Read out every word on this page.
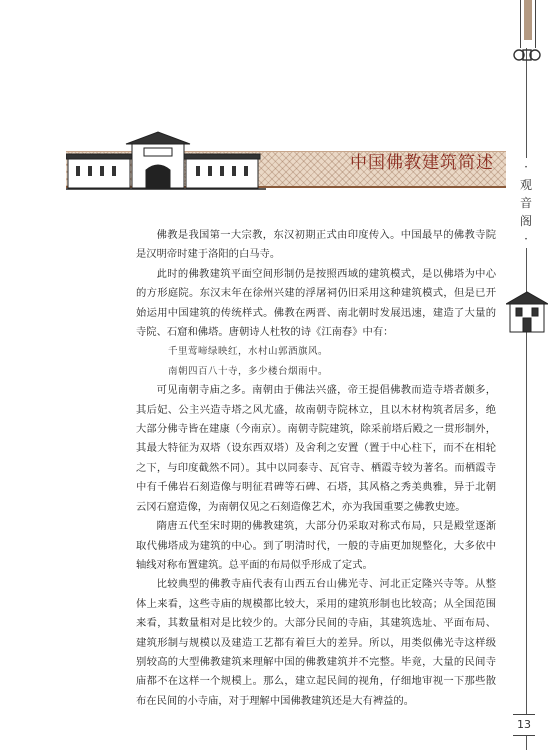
中国佛教建筑简述	·
观
音
阁
·
13

佛教是我国第一大宗教，东汉初期正式由印度传入。中国最早的佛教寺院是汉明帝时建于洛阳的白马寺。

此时的佛教建筑平面空间形制仍是按照西域的建筑模式，是以佛塔为中心的方形庭院。东汉末年在徐州兴建的浮屠祠仍旧采用这种建筑模式，但是已开始运用中国建筑的传统样式。佛教在两晋、南北朝时发展迅速，建造了大量的寺院、石窟和佛塔。唐朝诗人杜牧的诗《江南春》中有：

千里莺啼绿映红，水村山郭酒旗风。
南朝四百八十寺，多少楼台烟雨中。

可见南朝寺庙之多。南朝由于佛法兴盛，帝王提倡佛教而造寺塔者颇多，其后妃、公主兴造寺塔之风尤盛，故南朝寺院林立，且以木材构筑者居多，绝大部分佛寺皆在建康（今南京）。南朝寺院建筑，除采前塔后殿之一贯形制外，其最大特征为双塔（设东西双塔）及舍利之安置（置于中心柱下，而不在相轮之下，与印度截然不同）。其中以同泰寺、瓦官寺、栖霞寺较为著名。而栖霞寺中有千佛岩石刻造像与明征君碑等石碑、石塔，其风格之秀美典雅，异于北朝云冈石窟造像，为南朝仅见之石刻造像艺术，亦为我国重要之佛教史迹。

隋唐五代至宋时期的佛教建筑，大部分仍采取对称式布局，只是殿堂逐渐取代佛塔成为建筑的中心。到了明清时代，一般的寺庙更加规整化，大多依中轴线对称布置建筑。总平面的布局似乎形成了定式。

比较典型的佛教寺庙代表有山西五台山佛光寺、河北正定隆兴寺等。从整体上来看，这些寺庙的规模都比较大，采用的建筑形制也比较高；从全国范围来看，其数量相对是比较少的。大部分民间的寺庙，其建筑选址、平面布局、建筑形制与规模以及建造工艺都有着巨大的差异。所以，用类似佛光寺这样级别较高的大型佛教建筑来理解中国的佛教建筑并不完整。毕竟，大量的民间寺庙都不在这样一个规模上。那么，建立起民间的视角，仔细地审视一下那些散布在民间的小寺庙，对于理解中国佛教建筑还是大有裨益的。
